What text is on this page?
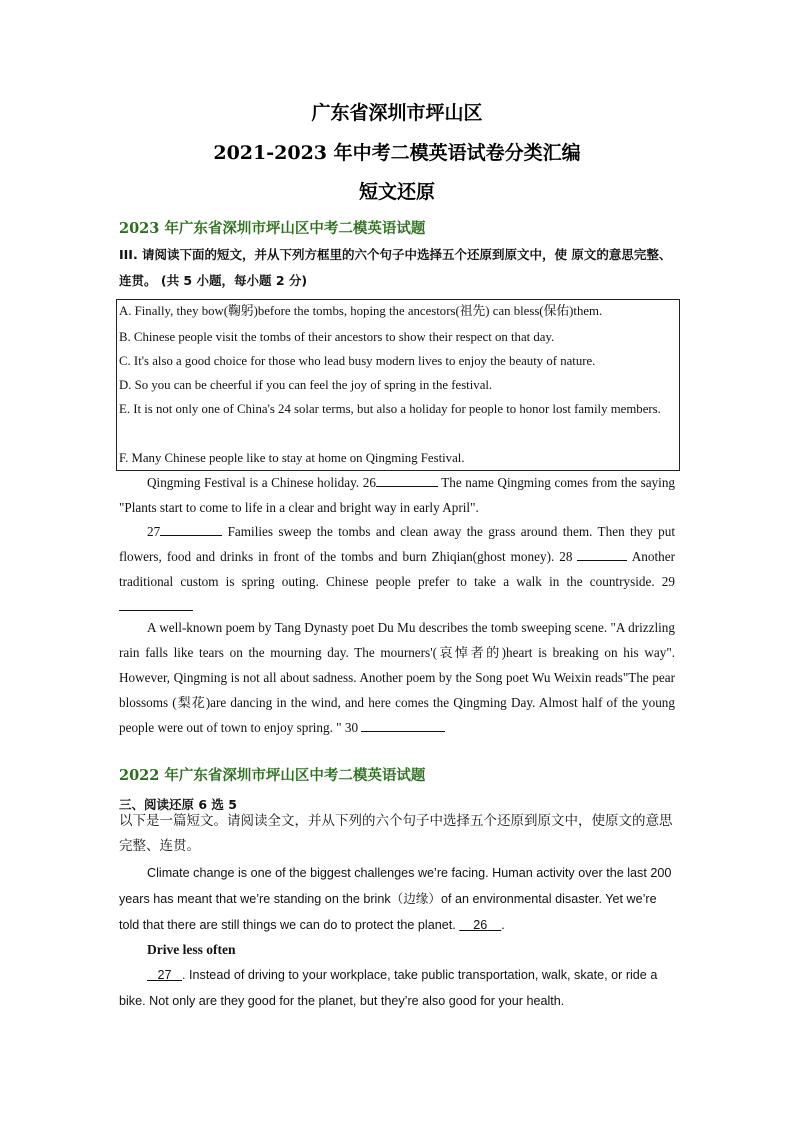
广东省深圳市坪山区
2021-2023 年中考二模英语试卷分类汇编
短文还原
2023 年广东省深圳市坪山区中考二模英语试题
III. 请阅读下面的短文，并从下列方框里的六个句子中选择五个还原到原文中，使 原文的意思完整、连贯。 (共 5 小题，每小题 2 分)
A. Finally, they bow(鞠躬)before the tombs, hoping the ancestors(祖先) can bless(保佑)them.
B. Chinese people visit the tombs of their ancestors to show their respect on that day.
C. It's also a good choice for those who lead busy modern lives to enjoy the beauty of nature.
D. So you can be cheerful if you can feel the joy of spring in the festival.
E. It is not only one of China's 24 solar terms, but also a holiday for people to honor lost family members.
F. Many Chinese people like to stay at home on Qingming Festival.
Qingming Festival is a Chinese holiday. 26	The name Qingming comes from the saying "Plants start to come to life in a clear and bright way in early April".
27	Families sweep the tombs and clean away the grass around them. Then they put flowers, food and drinks in front of the tombs and burn Zhiqian(ghost money). 28	Another traditional custom is spring outing. Chinese people prefer to take a walk in the countryside. 29
A well-known poem by Tang Dynasty poet Du Mu describes the tomb sweeping scene. "A drizzling rain falls like tears on the mourning day. The mourners'(哀悼者的)heart is breaking on his way". However, Qingming is not all about sadness. Another poem by the Song poet Wu Weixin reads"The pear blossoms (梨花)are dancing in the wind, and here comes the Qingming Day. Almost half of the young people were out of town to enjoy spring. " 30
2022 年广东省深圳市坪山区中考二模英语试题
三、阅读还原 6 选 5
以下是一篇短文。请阅读全文，并从下列的六个句子中选择五个还原到原文中，使原文的意思完整、连贯。
Climate change is one of the biggest challenges we’re facing. Human activity over the last 200 years has meant that we’re standing on the brink（边缘）of an environmental disaster. Yet we’re told that there are still things we can do to protect the planet.     26 .
Drive less often
27 . Instead of driving to your workplace, take public transportation, walk, skate, or ride a bike. Not only are they good for the planet, but they’re also good for your health.
